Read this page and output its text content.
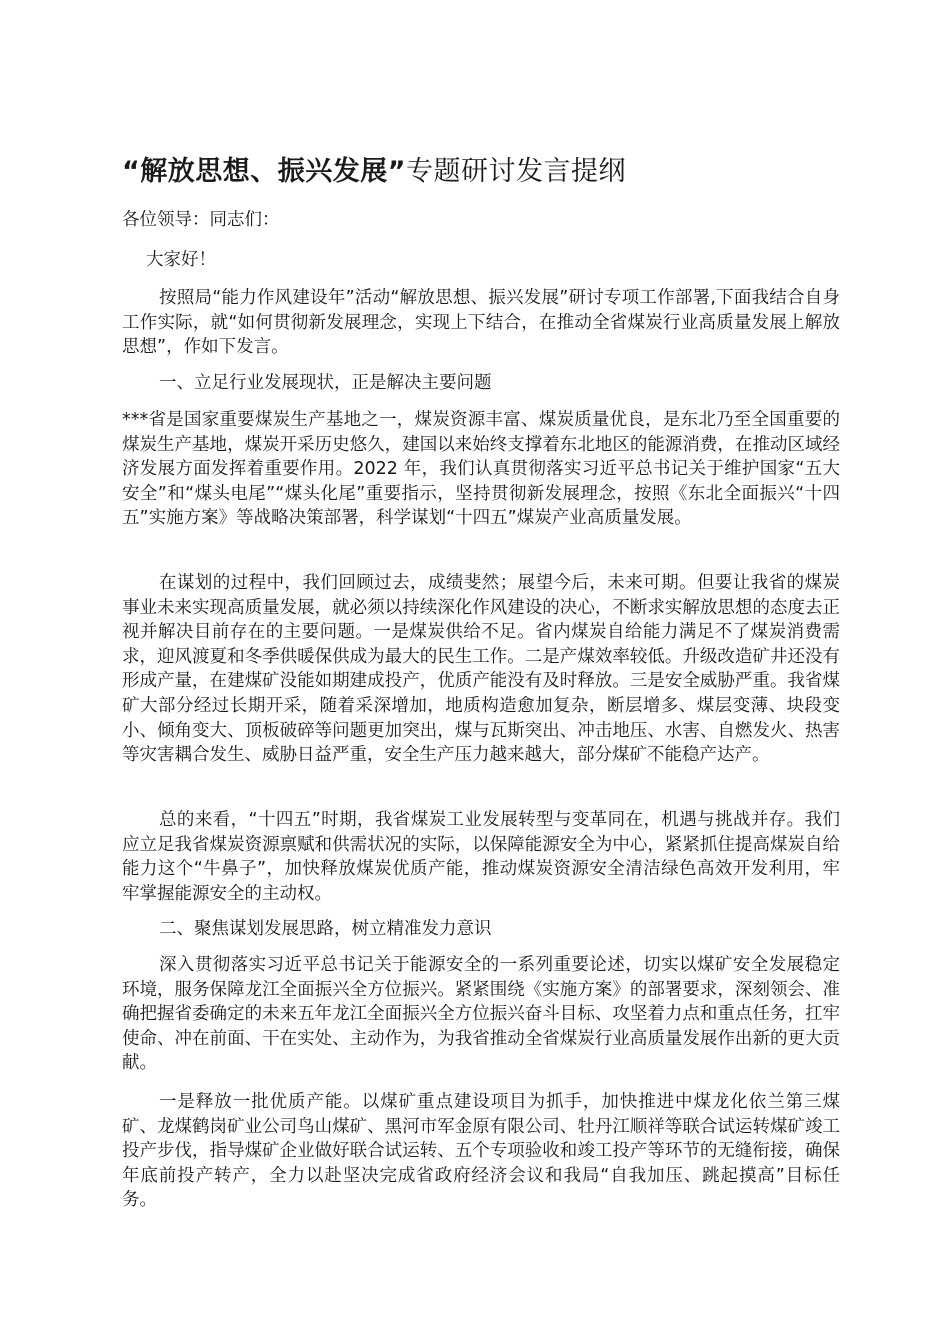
“解放思想、振兴发展”专题研讨发言提纲

各位领导：同志们：

大家好！

按照局“能力作风建设年”活动“解放思想、振兴发展”研讨专项工作部署,下面我结合自身工作实际，就“如何贯彻新发展理念，实现上下结合，在推动全省煤炭行业高质量发展上解放思想”，作如下发言。

一、立足行业发展现状，正是解决主要问题

***省是国家重要煤炭生产基地之一，煤炭资源丰富、煤炭质量优良，是东北乃至全国重要的煤炭生产基地，煤炭开采历史悠久，建国以来始终支撑着东北地区的能源消费，在推动区域经济发展方面发挥着重要作用。2022 年，我们认真贯彻落实习近平总书记关于维护国家“五大安全”和“煤头电尾”“煤头化尾”重要指示，坚持贯彻新发展理念，按照《东北全面振兴“十四五”实施方案》等战略决策部署，科学谋划“十四五”煤炭产业高质量发展。

在谋划的过程中，我们回顾过去，成绩斐然；展望今后，未来可期。但要让我省的煤炭事业未来实现高质量发展，就必须以持续深化作风建设的决心，不断求实解放思想的态度去正视并解决目前存在的主要问题。一是煤炭供给不足。省内煤炭自给能力满足不了煤炭消费需求，迎风渡夏和冬季供暖保供成为最大的民生工作。二是产煤效率较低。升级改造矿井还没有形成产量，在建煤矿没能如期建成投产，优质产能没有及时释放。三是安全威胁严重。我省煤矿大部分经过长期开采，随着采深增加，地质构造愈加复杂，断层增多、煤层变薄、块段变小、倾角变大、顶板破碎等问题更加突出，煤与瓦斯突出、冲击地压、水害、自燃发火、热害等灾害耦合发生、威胁日益严重，安全生产压力越来越大，部分煤矿不能稳产达产。

总的来看，“十四五”时期，我省煤炭工业发展转型与变革同在，机遇与挑战并存。我们应立足我省煤炭资源禀赋和供需状况的实际，以保障能源安全为中心，紧紧抓住提高煤炭自给能力这个“牛鼻子”，加快释放煤炭优质产能，推动煤炭资源安全清洁绿色高效开发利用，牢牢掌握能源安全的主动权。

二、聚焦谋划发展思路，树立精准发力意识

深入贯彻落实习近平总书记关于能源安全的一系列重要论述，切实以煤矿安全发展稳定环境，服务保障龙江全面振兴全方位振兴。紧紧围绕《实施方案》的部署要求，深刻领会、准确把握省委确定的未来五年龙江全面振兴全方位振兴奋斗目标、攻坚着力点和重点任务，扛牢使命、冲在前面、干在实处、主动作为，为我省推动全省煤炭行业高质量发展作出新的更大贡献。

一是释放一批优质产能。以煤矿重点建设项目为抓手，加快推进中煤龙化依兰第三煤矿、龙煤鹤岗矿业公司鸟山煤矿、黑河市军金原有限公司、牡丹江顺祥等联合试运转煤矿竣工投产步伐，指导煤矿企业做好联合试运转、五个专项验收和竣工投产等环节的无缝衔接，确保年底前投产转产，全力以赴坚决完成省政府经济会议和我局“自我加压、跳起摸高”目标任务。
